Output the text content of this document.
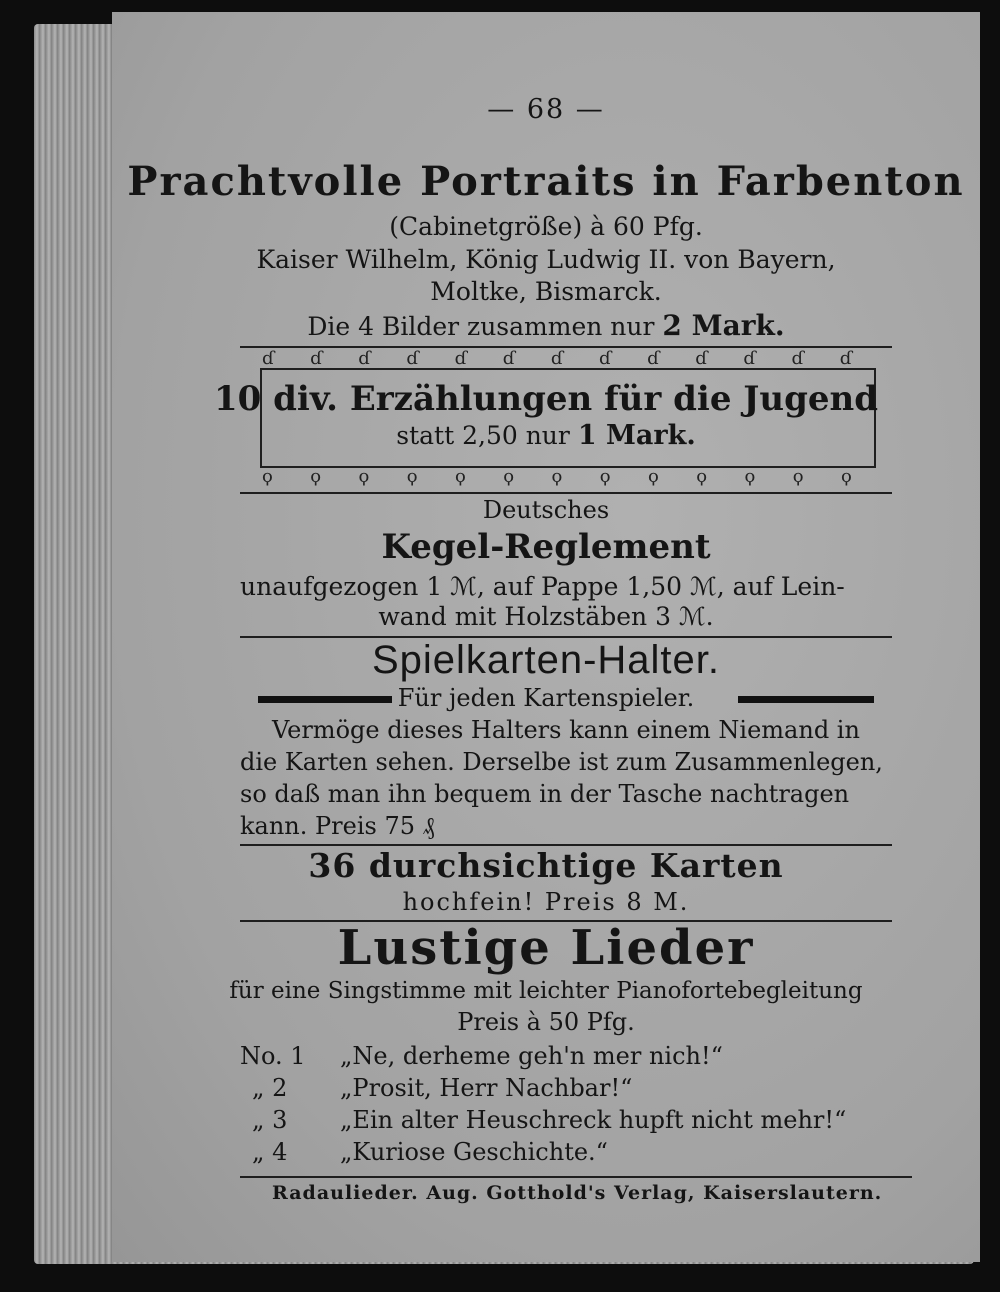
— 68 —
Prachtvolle Portraits in Farbenton
(Cabinetgröße) à 60 Pfg.
Kaiser Wilhelm, König Ludwig II. von Bayern,
Moltke, Bismarck.
Die 4 Bilder zusammen nur 2 Mark.
ɗ ɗ ɗ ɗ ɗ ɗ ɗ ɗ ɗ ɗ ɗ ɗ ɗ
10 div. Erzählungen für die Jugend
statt 2,50 nur 1 Mark.
ϙ ϙ ϙ ϙ ϙ ϙ ϙ ϙ ϙ ϙ ϙ ϙ ϙ
Deutsches
Kegel-Reglement
unaufgezogen 1 ℳ, auf Pappe 1,50 ℳ, auf Lein-
wand mit Holzstäben 3 ℳ.
Spielkarten-Halter.
Für jeden Kartenspieler.
Vermöge dieses Halters kann einem Niemand in
die Karten sehen. Derselbe ist zum Zusammenlegen,
so daß man ihn bequem in der Tasche nachtragen
kann. Preis 75 ₰
36 durchsichtige Karten
hochfein! Preis 8 M.
Lustige Lieder
für eine Singstimme mit leichter Pianofortebegleitung
Preis à 50 Pfg.
No. 1 „Ne, derheme geh'n mer nich!“
„ 2 „Prosit, Herr Nachbar!“
„ 3 „Ein alter Heuschreck hupft nicht mehr!“
„ 4 „Kuriose Geschichte.“
Radaulieder. Aug. Gotthold's Verlag, Kaiserslautern.
